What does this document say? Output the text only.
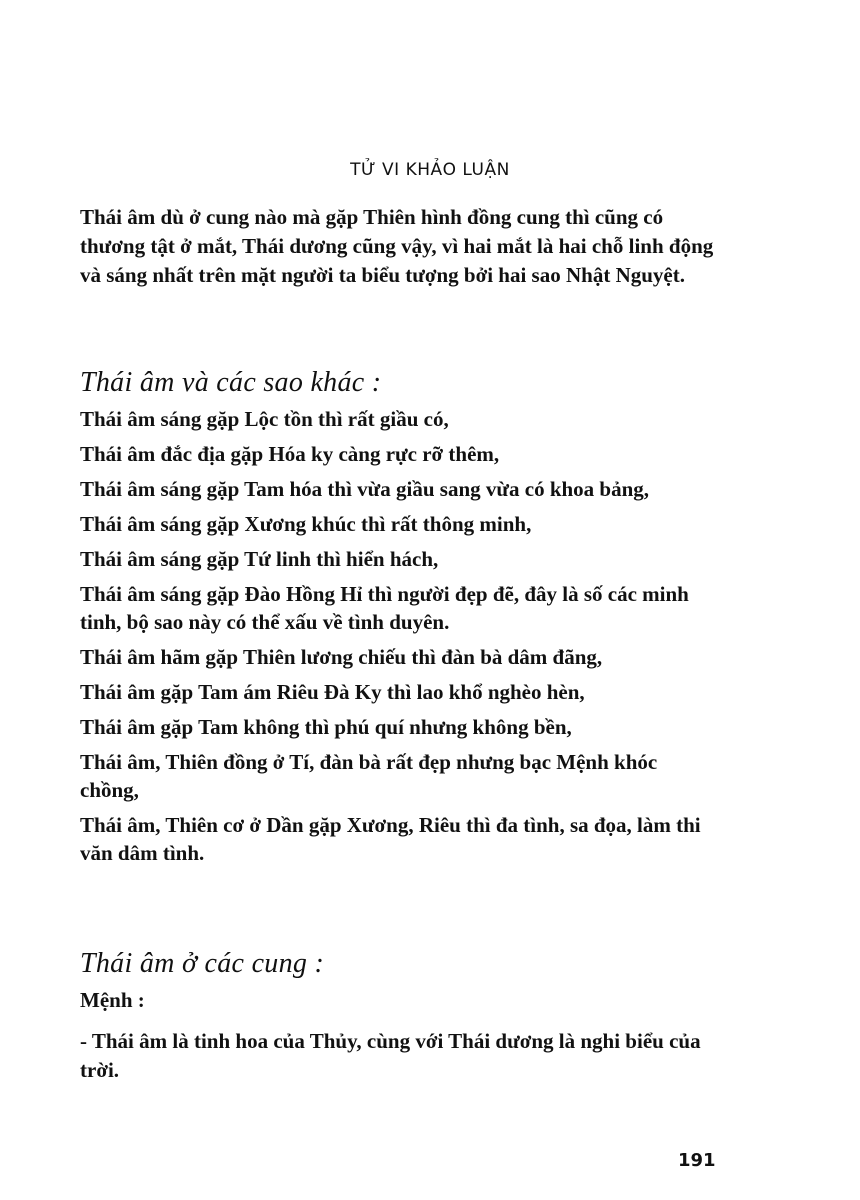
TỬ VI KHẢO LUẬN
Thái âm dù ở cung nào mà gặp Thiên hình đồng cung thì cũng có thương tật ở mắt, Thái dương cũng vậy, vì hai mắt là hai chỗ linh động và sáng nhất trên mặt người ta biểu tượng bởi hai sao Nhật Nguyệt.
Thái âm và các sao khác :
Thái âm sáng gặp Lộc tồn thì rất giầu có,
Thái âm đắc địa gặp Hóa ky càng rực rỡ thêm,
Thái âm sáng gặp Tam hóa thì vừa giầu sang vừa có khoa bảng,
Thái âm sáng gặp Xương khúc thì rất thông minh,
Thái âm sáng gặp Tứ linh thì hiển hách,
Thái âm sáng gặp Đào Hồng Hỉ thì người đẹp đẽ, đây là số các minh tinh, bộ sao này có thể xấu về tình duyên.
Thái âm hãm gặp Thiên lương chiếu thì đàn bà dâm đãng,
Thái âm gặp Tam ám Riêu Đà Ky thì lao khổ nghèo hèn,
Thái âm gặp Tam không thì phú quí nhưng không bền,
Thái âm, Thiên đồng ở Tí, đàn bà rất đẹp nhưng bạc Mệnh khóc chồng,
Thái âm, Thiên cơ ở Dần gặp Xương, Riêu thì đa tình, sa đọa, làm thi văn dâm tình.
Thái âm ở các cung :
Mệnh :
- Thái âm là tinh hoa của Thủy, cùng với Thái dương là nghi biểu của trời.
191
